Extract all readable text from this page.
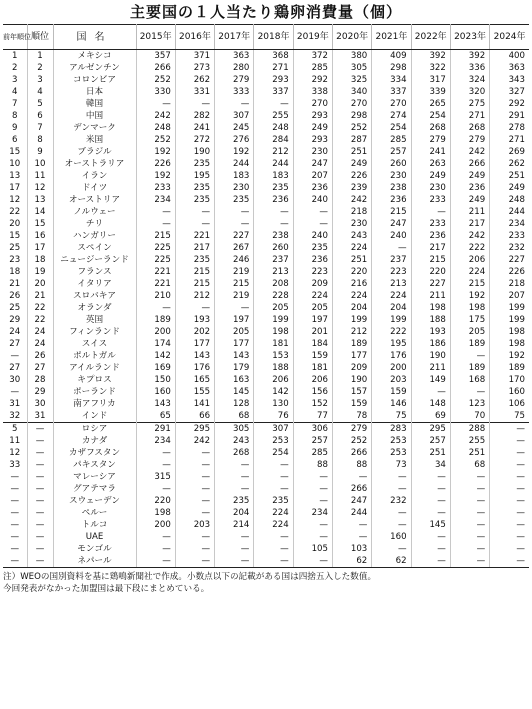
主要国の１人当たり鶏卵消費量（個）
前年順位	順位	国名	2015年	2016年	2017年	2018年	2019年	2020年	2021年	2022年	2023年	2024年
1	1	メキシコ	357	371	363	368	372	380	409	392	392	400
2	2	アルゼンチン	266	273	280	271	285	305	298	322	336	363
3	3	コロンビア	252	262	279	293	292	325	334	317	324	343
4	4	日本	330	331	333	337	338	340	337	339	320	327
7	5	韓国	—	—	—	—	270	270	270	265	275	292
8	6	中国	242	282	307	255	293	298	274	254	271	291
9	7	デンマーク	248	241	245	248	249	252	254	268	268	278
6	8	米国	252	272	276	284	293	287	285	279	279	271
15	9	ブラジル	192	190	192	212	230	251	257	241	242	269
10	10	オーストラリア	226	235	244	244	247	249	260	263	266	262
13	11	イラン	192	195	183	183	207	226	230	249	249	251
17	12	ドイツ	233	235	230	235	236	239	238	230	236	249
12	13	オーストリア	234	235	235	236	240	242	236	233	249	248
22	14	ノルウェー	—	—	—	—	—	218	215	—	211	244
20	15	チリ	—	—	—	—	—	230	247	233	217	234
15	16	ハンガリー	215	221	227	238	240	243	240	236	242	233
25	17	スペイン	225	217	267	260	235	224	—	217	222	232
23	18	ニュージーランド	225	235	246	237	236	251	237	215	206	227
18	19	フランス	221	215	219	213	223	220	223	220	224	226
21	20	イタリア	221	215	215	208	209	216	213	227	215	218
26	21	スロバキア	210	212	219	228	224	224	224	211	192	207
25	22	オランダ	—	—	—	205	205	204	204	198	198	199
29	22	英国	189	193	197	199	197	199	199	188	175	199
24	24	フィンランド	200	202	205	198	201	212	222	193	205	198
27	24	スイス	174	177	177	181	184	189	195	186	189	198
—	26	ポルトガル	142	143	143	153	159	177	176	190	—	192
27	27	アイルランド	169	176	179	188	181	209	200	211	189	189
30	28	キプロス	150	165	163	206	206	190	203	149	168	170
—	29	ポーランド	160	155	145	142	156	157	159	—	—	160
31	30	南アフリカ	143	141	128	130	152	159	146	148	123	106
32	31	インド	65	66	68	76	77	78	75	69	70	75
5	—	ロシア	291	295	305	307	306	279	283	295	288	—
11	—	カナダ	234	242	243	253	257	252	253	257	255	—
12	—	カザフスタン	—	—	268	254	285	266	253	251	251	—
33	—	パキスタン	—	—	—	—	88	88	73	34	68	—
—	—	マレーシア	315	—	—	—	—	—	—	—	—	—
—	—	グアテマラ	—	—	—	—	—	266	—	—	—	—
—	—	スウェーデン	220	—	235	235	—	247	232	—	—	—
—	—	ペルー	198	—	204	224	234	244	—	—	—	—
—	—	トルコ	200	203	214	224	—	—	—	145	—	—
—	—	UAE	—	—	—	—	—	—	160	—	—	—
—	—	モンゴル	—	—	—	—	105	103	—	—	—	—
—	—	ネパール	—	—	—	—	—	62	62	—	—	—
注）WEOの国別資料を基に鶏鳴新聞社で作成。小数点以下の記載がある国は四捨五入した数值。
今回発表がなかった加盟国は最下段にまとめている。
